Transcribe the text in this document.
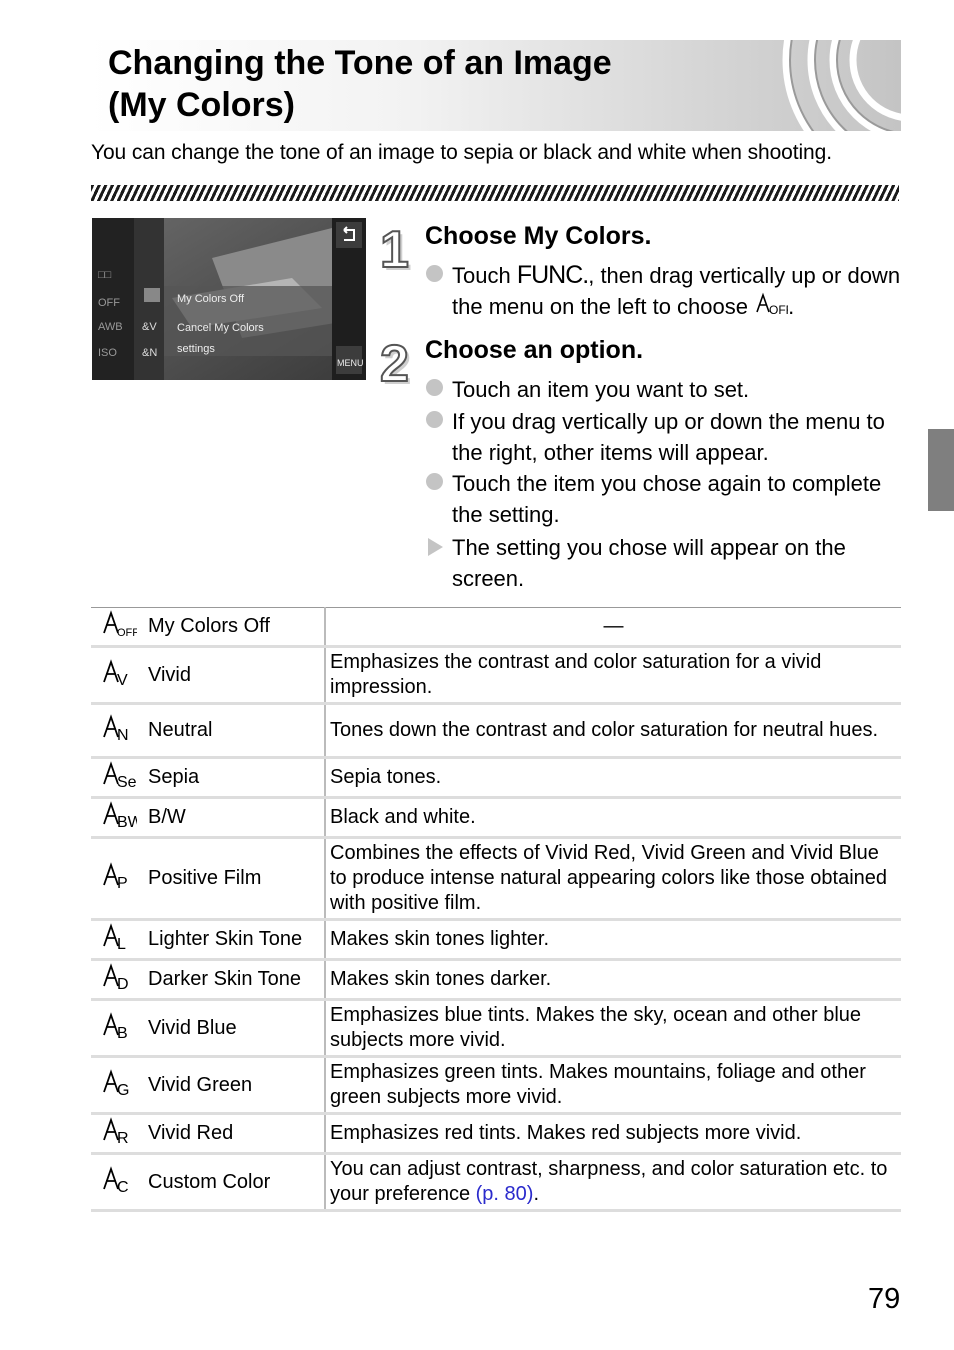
Changing the Tone of an Image
(My Colors)
You can change the tone of an image to sepia or black and white when shooting.
□□
OFF
AWB
ISO
&V
&N
My Colors Off
Cancel My Colors
settings
MENU
1 Choose My Colors.
Touch FUNC., then drag vertically up or down the menu on the left to choose OF .
2 Choose an option.
Touch an item you want to set.
If you drag vertically up or down the menu to the right, other items will appear.
Touch the item you chose again to complete the setting.
The setting you chose will appear on the screen.
OFF	My Colors Off	—

V	Vivid	Emphasizes the contrast and color saturation for a vivid impression.

N	Neutral	Tones down the contrast and color saturation for neutral hues.

Se	Sepia	Sepia tones.

BW	B/W	Black and white.

P	Positive Film	Combines the effects of Vivid Red, Vivid Green and Vivid Blue to produce intense natural appearing colors like those obtained with positive film.

L	Lighter Skin Tone	Makes skin tones lighter.

D	Darker Skin Tone	Makes skin tones darker.

B	Vivid Blue	Emphasizes blue tints. Makes the sky, ocean and other blue subjects more vivid.

G	Vivid Green	Emphasizes green tints. Makes mountains, foliage and other green subjects more vivid.

R	Vivid Red	Emphasizes red tints. Makes red subjects more vivid.

C	Custom Color	You can adjust contrast, sharpness, and color saturation etc. to your preference (p. 80).
79
